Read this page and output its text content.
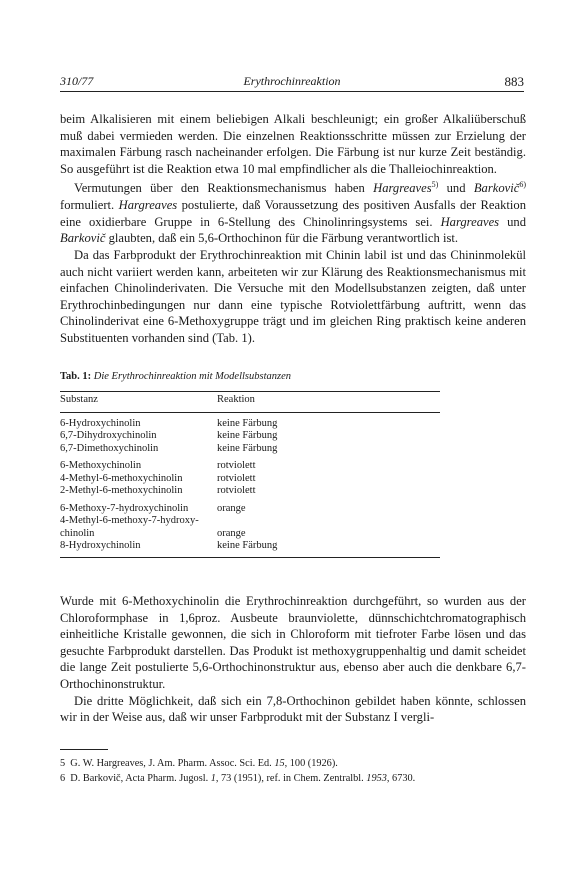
310/77	Erythrochinreaktion	883

beim Alkalisieren mit einem beliebigen Alkali beschleunigt; ein großer Alkaliüberschuß muß dabei vermieden werden. Die einzelnen Reaktionsschritte müssen zur Erzielung der maximalen Färbung rasch nacheinander erfolgen. Die Färbung ist nur kurze Zeit beständig. So ausgeführt ist die Reaktion etwa 10 mal empfindlicher als die Thalleiochinreaktion.

Vermutungen über den Reaktionsmechanismus haben Hargreaves$^{5)}$ und Barkovič$^{6)}$ formuliert. Hargreaves postulierte, daß Voraussetzung des positiven Ausfalls der Reaktion eine oxidierbare Gruppe in 6-Stellung des Chinolinringsystems sei. Hargreaves und Barkovič glaubten, daß ein 5,6-Orthochinon für die Färbung verantwortlich ist.

Da das Farbprodukt der Erythrochinreaktion mit Chinin labil ist und das Chininmolekül auch nicht variiert werden kann, arbeiteten wir zur Klärung des Reaktionsmechanismus mit einfachen Chinolinderivaten. Die Versuche mit den Modellsubstanzen zeigten, daß unter Erythrochinbedingungen nur dann eine typische Rotviolettfärbung auftritt, wenn das Chinolinderivat eine 6-Methoxygruppe trägt und im gleichen Ring praktisch keine anderen Substituenten vorhanden sind (Tab. 1).

Tab. 1: Die Erythrochinreaktion mit Modellsubstanzen
Substanz	Reaktion
6-Hydroxychinolin	keine Färbung
6,7-Dihydroxychinolin	keine Färbung
6,7-Dimethoxychinolin	keine Färbung
6-Methoxychinolin	rotviolett
4-Methyl-6-methoxychinolin	rotviolett
2-Methyl-6-methoxychinolin	rotviolett
6-Methoxy-7-hydroxychinolin	orange
4-Methyl-6-methoxy-7-hydroxy-	
chinolin	orange
8-Hydroxychinolin	keine Färbung

Wurde mit 6-Methoxychinolin die Erythrochinreaktion durchgeführt, so wurden aus der Chloroformphase in 1,6proz. Ausbeute braunviolette, dünnschichtchromatographisch einheitliche Kristalle gewonnen, die sich in Chloroform mit tiefroter Farbe lösen und das gesuchte Farbprodukt darstellen. Das Produkt ist methoxygruppenhaltig und damit scheidet die lange Zeit postulierte 5,6-Orthochinonstruktur aus, ebenso aber auch die denkbare 6,7-Orthochinonstruktur.

Die dritte Möglichkeit, daß sich ein 7,8-Orthochinon gebildet haben könnte, schlossen wir in der Weise aus, daß wir unser Farbprodukt mit der Substanz I vergli-

5  G. W. Hargreaves, J. Am. Pharm. Assoc. Sci. Ed. 15, 100 (1926).
6  D. Barkovič, Acta Pharm. Jugosl. 1, 73 (1951), ref. in Chem. Zentralbl. 1953, 6730.
